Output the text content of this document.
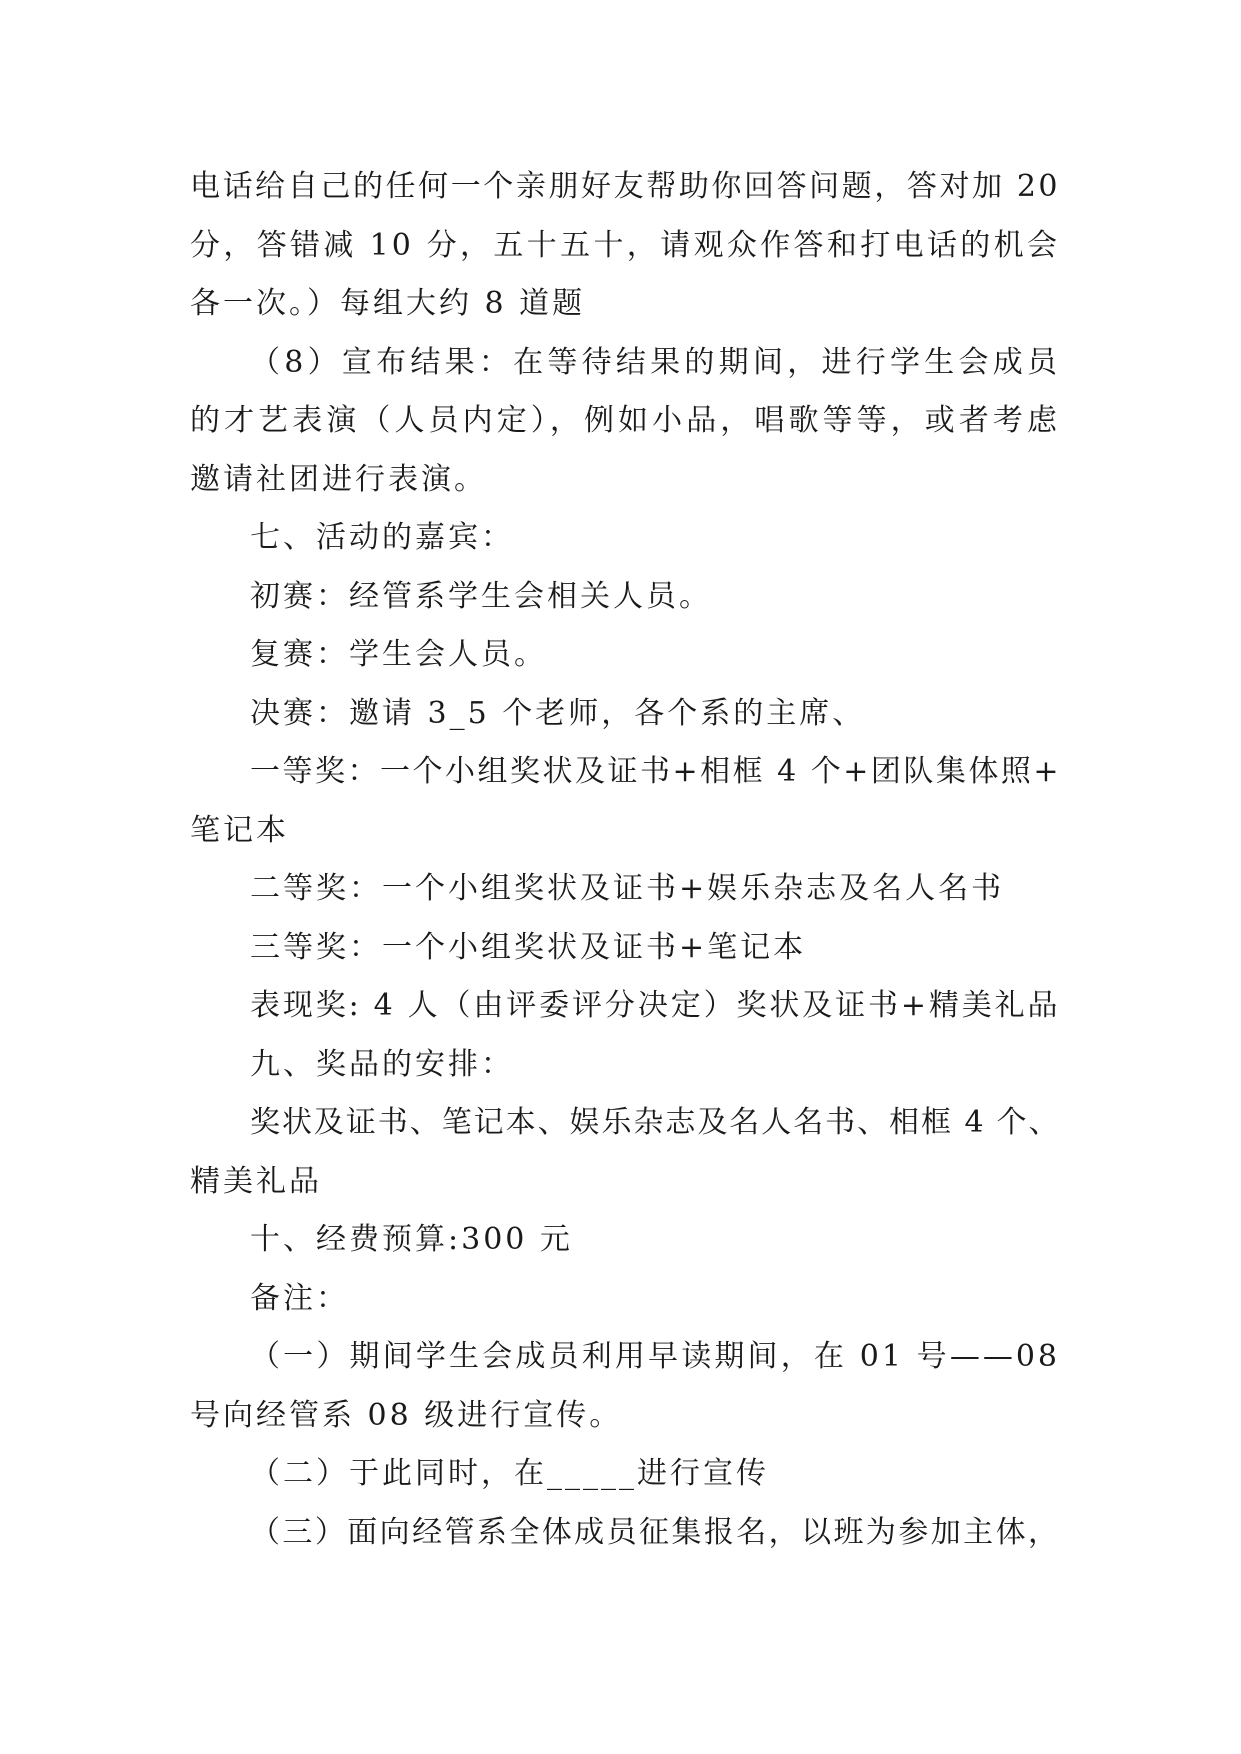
电话给自己的任何一个亲朋好友帮助你回答问题，答对加 20
分，答错减 10 分，五十五十，请观众作答和打电话的机会
各一次。）每组大约 8 道题
（8）宣布结果：在等待结果的期间，进行学生会成员
的才艺表演（人员内定），例如小品，唱歌等等，或者考虑
邀请社团进行表演。
七、活动的嘉宾：
初赛：经管系学生会相关人员。
复赛：学生会人员。
决赛：邀请 3_5 个老师，各个系的主席、
一等奖：一个小组奖状及证书+相框 4 个+团队集体照+
笔记本
二等奖：一个小组奖状及证书+娱乐杂志及名人名书
三等奖：一个小组奖状及证书+笔记本
表现奖: 4 人（由评委评分决定）奖状及证书+精美礼品
九、奖品的安排：
奖状及证书、笔记本、娱乐杂志及名人名书、相框 4 个、
精美礼品
十、经费预算:300 元
备注：
（一）期间学生会成员利用早读期间，在 01 号——08
号向经管系 08 级进行宣传。
（二）于此同时，在_____进行宣传
（三）面向经管系全体成员征集报名，以班为参加主体，
